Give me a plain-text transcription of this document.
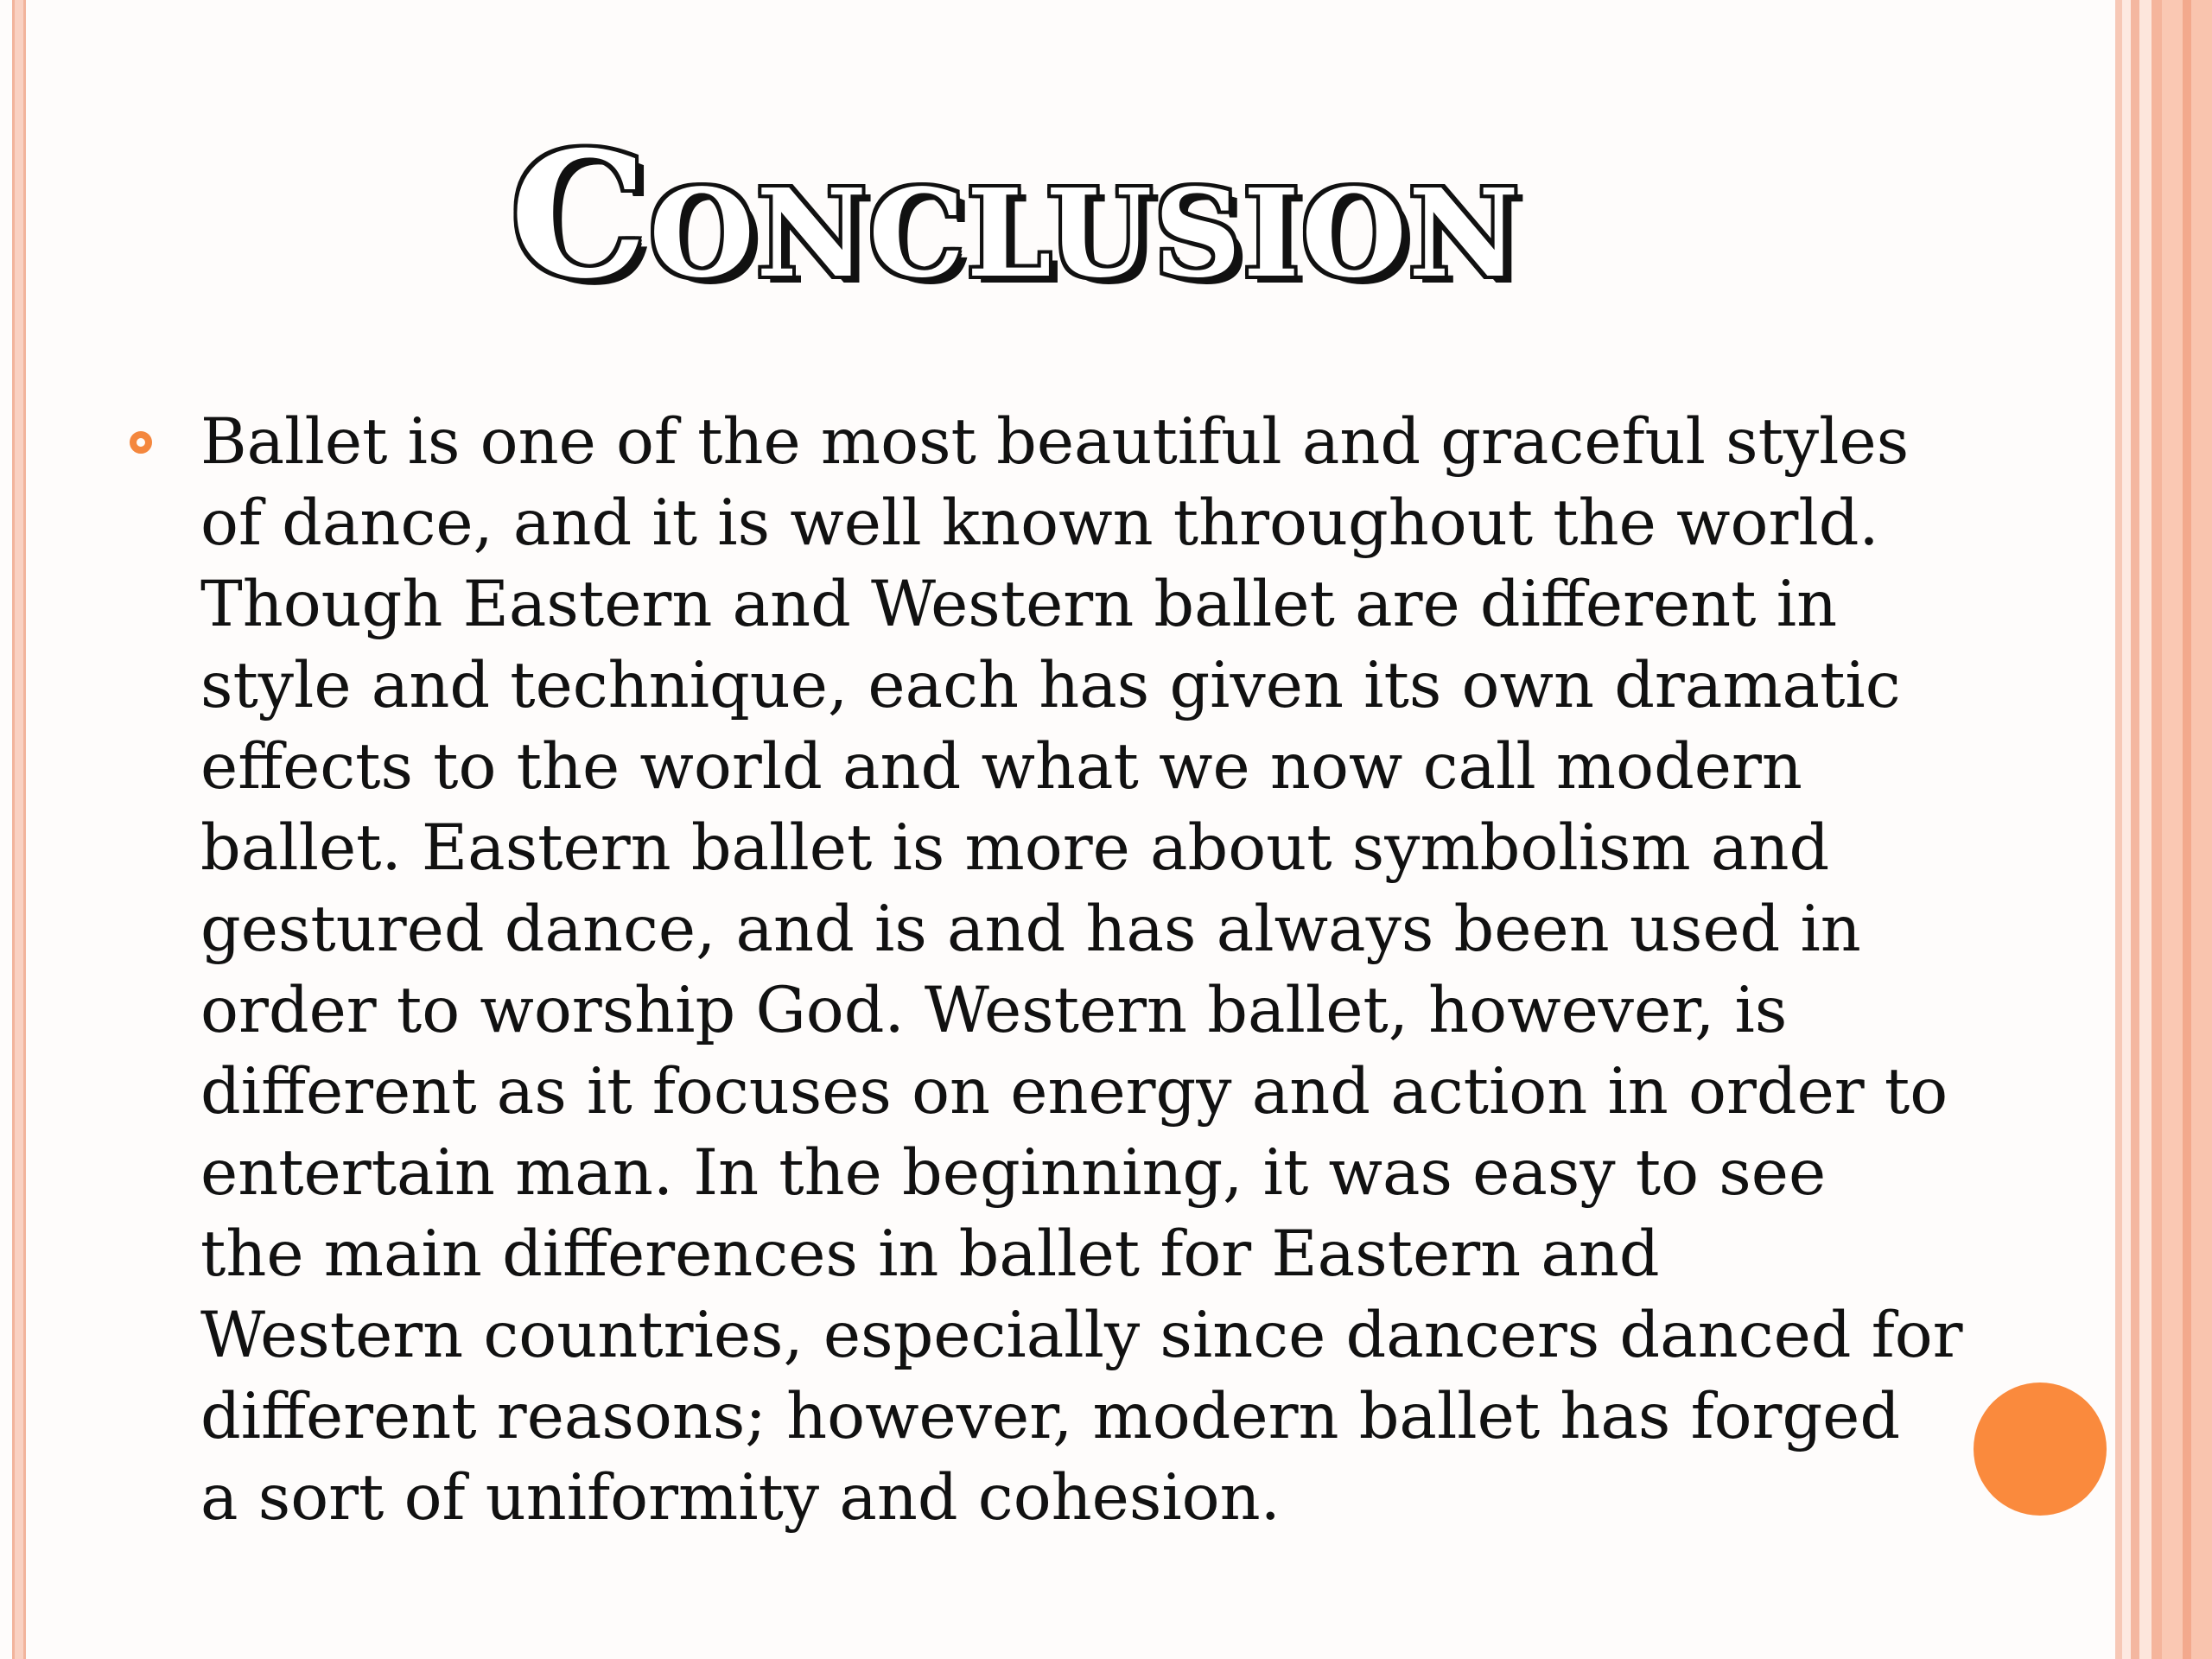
Conclusion
Ballet is one of the most beautiful and graceful styles
of dance, and it is well known throughout the world.
Though Eastern and Western ballet are different in
style and technique, each has given its own dramatic
effects to the world and what we now call modern
ballet. Eastern ballet is more about symbolism and
gestured dance, and is and has always been used in
order to worship God. Western ballet, however, is
different as it focuses on energy and action in order to
entertain man. In the beginning, it was easy to see
the main differences in ballet for Eastern and
Western countries, especially since dancers danced for
different reasons; however, modern ballet has forged
a sort of uniformity and cohesion.
